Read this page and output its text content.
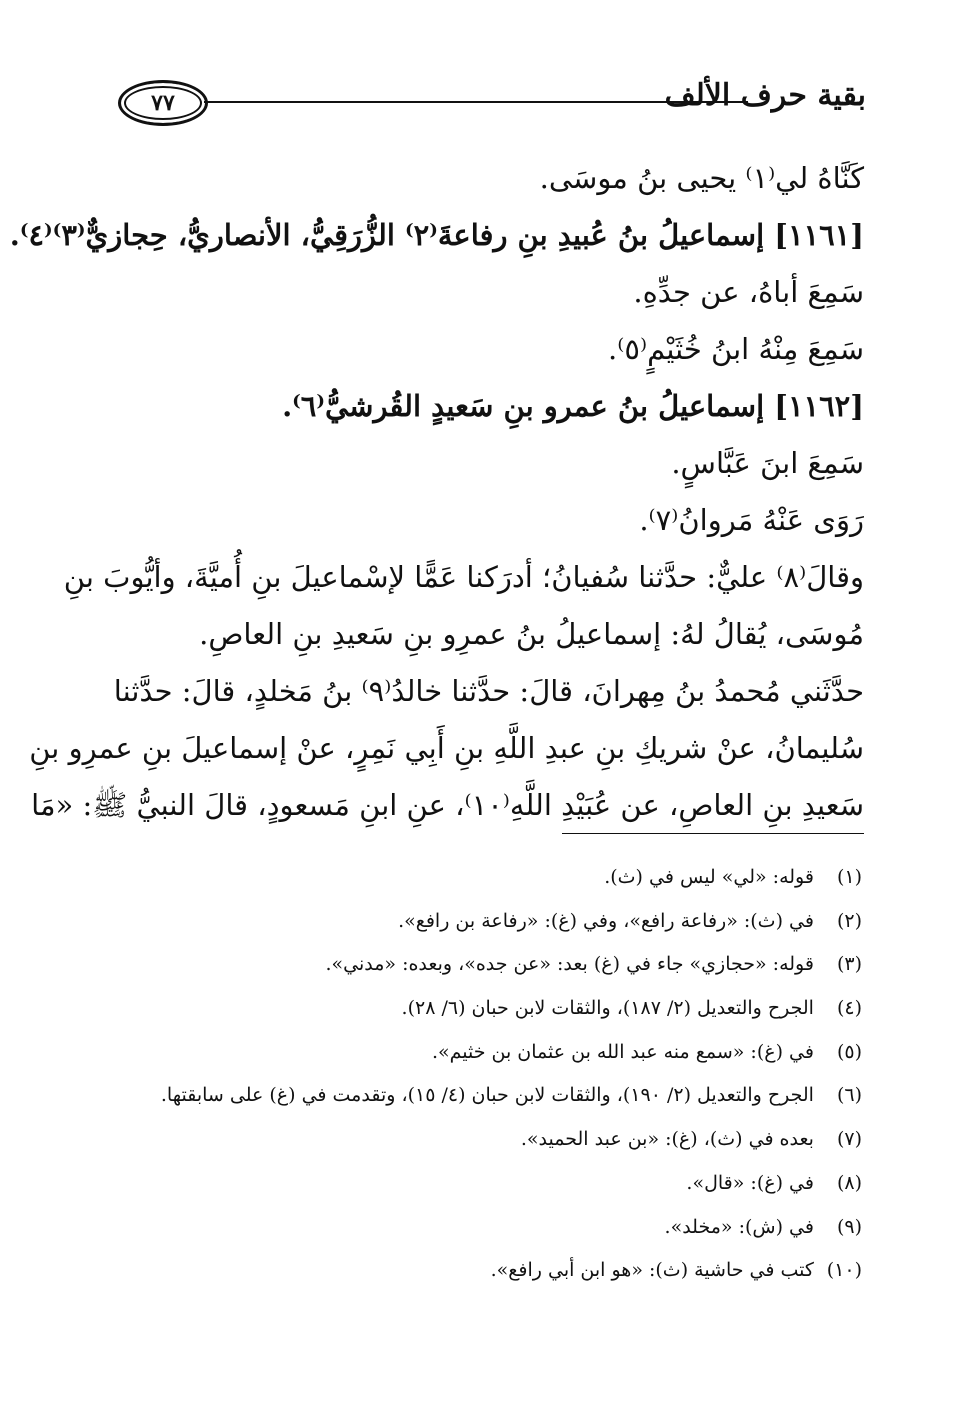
٧٧	بقية حرف الألف
كَنَّاهُ لي⁽١⁾ يحيى بنُ موسَى.
[١١٦١] إسماعيلُ بنُ عُبيدِ بنِ رفاعةَ⁽٢⁾ الزُّرَقِيُّ، الأنصاريُّ، حِجازيٌّ⁽٣⁾⁽٤⁾.
سَمِعَ أباهُ، عن جدِّهِ.
سَمِعَ مِنْهُ ابنُ خُثَيْمٍ⁽٥⁾.
[١١٦٢] إسماعيلُ بنُ عمرو بنِ سَعيدٍ القُرشيُّ⁽٦⁾.
سَمِعَ ابنَ عَبَّاسٍ.
رَوَى عَنْهُ مَروانُ⁽٧⁾.
وقالَ⁽٨⁾ عليٌّ: حدَّثنا سُفيانُ؛ أدرَكنا عَمًّا لإسْماعيلَ بنِ أُميَّةَ، وأيُّوبَ بنِ
مُوسَى، يُقالُ لهُ: إسماعيلُ بنُ عمرِو بنِ سَعيدِ بنِ العاصِ.
حدَّثَني مُحمدُ بنُ مِهرانَ، قالَ: حدَّثنا خالدُ⁽٩⁾ بنُ مَخلدٍ، قالَ: حدَّثنا
سُليمانُ، عنْ شريكِ بنِ عبدِ اللَّهِ بنِ أَبِي نَمِرٍ، عنْ إسماعيلَ بنِ عمرِو بنِ
سَعيدِ بنِ العاصِ، عن عُبَيْدِ اللَّهِ⁽١٠⁾، عنِ ابنِ مَسعودٍ، قالَ النبيُّ ﷺ: «مَا
(١) قوله: «لي» ليس في (ث).
(٢) في (ث): «رفاعة رافع»، وفي (غ): «رفاعة بن رافع».
(٣) قوله: «حجازي» جاء في (غ) بعد: «عن جده»، وبعده: «مدني».
(٤) الجرح والتعديل (٢/ ١٨٧)، والثقات لابن حبان (٦/ ٢٨).
(٥) في (غ): «سمع منه عبد الله بن عثمان بن خثيم».
(٦) الجرح والتعديل (٢/ ١٩٠)، والثقات لابن حبان (٤/ ١٥)، وتقدمت في (غ) على سابقتها.
(٧) بعده في (ث)، (غ): «بن عبد الحميد».
(٨) في (غ): «قال».
(٩) في (ش): «مخلد».
(١٠) كتب في حاشية (ث): «هو ابن أبي رافع».
